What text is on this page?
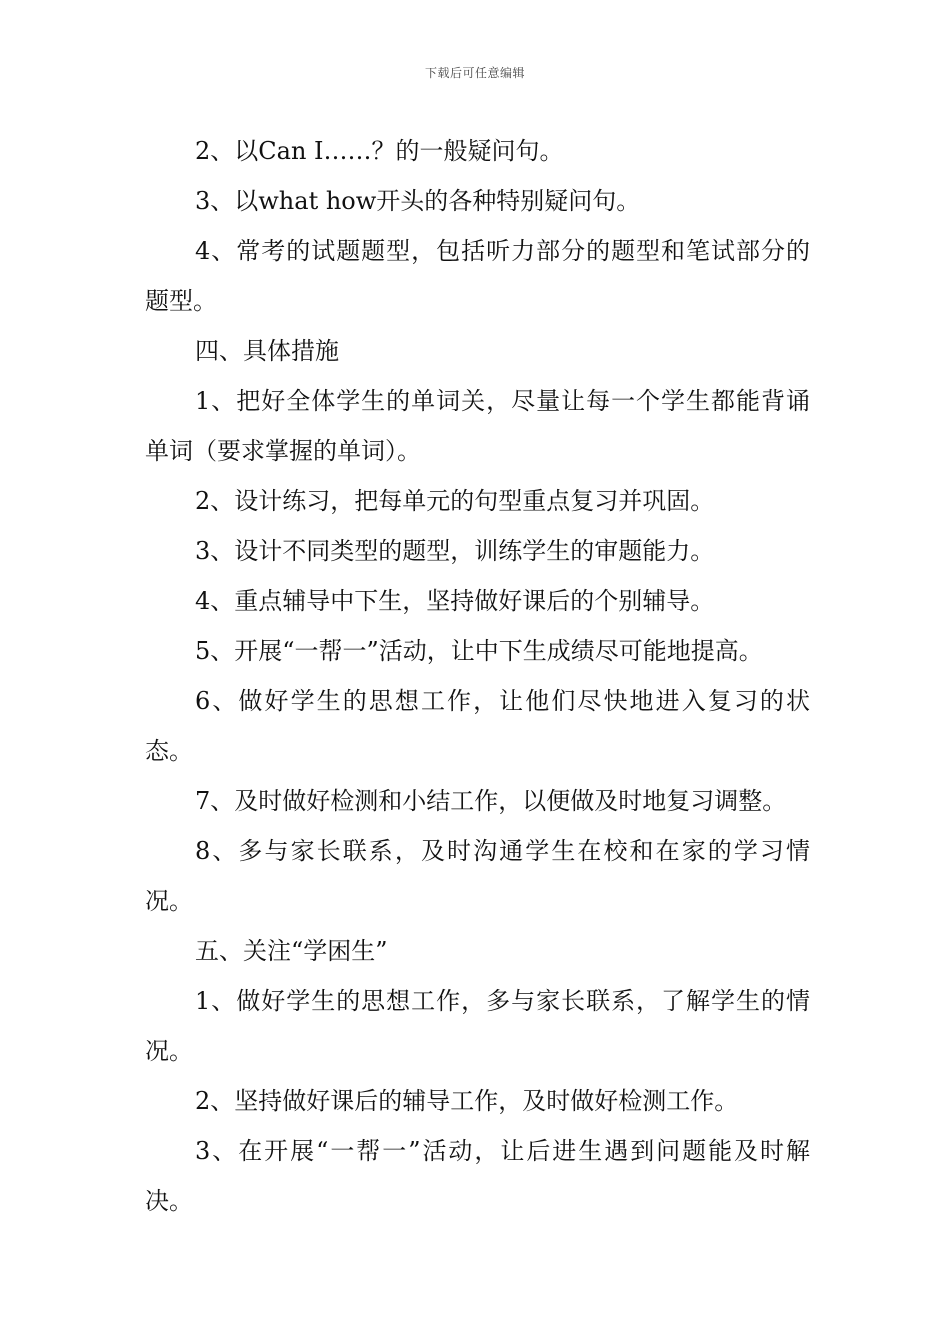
下载后可任意编辑

2、以Can I……？的一般疑问句。

3、以what how开头的各种特别疑问句。

4、常考的试题题型，包括听力部分的题型和笔试部分的题型。

四、具体措施

1、把好全体学生的单词关，尽量让每一个学生都能背诵单词（要求掌握的单词）。

2、设计练习，把每单元的句型重点复习并巩固。

3、设计不同类型的题型，训练学生的审题能力。

4、重点辅导中下生，坚持做好课后的个别辅导。

5、开展“一帮一”活动，让中下生成绩尽可能地提高。

6、做好学生的思想工作，让他们尽快地进入复习的状态。

7、及时做好检测和小结工作，以便做及时地复习调整。

8、多与家长联系，及时沟通学生在校和在家的学习情况。

五、关注“学困生”

1、做好学生的思想工作，多与家长联系，了解学生的情况。

2、坚持做好课后的辅导工作，及时做好检测工作。

3、在开展“一帮一”活动，让后进生遇到问题能及时解决。
